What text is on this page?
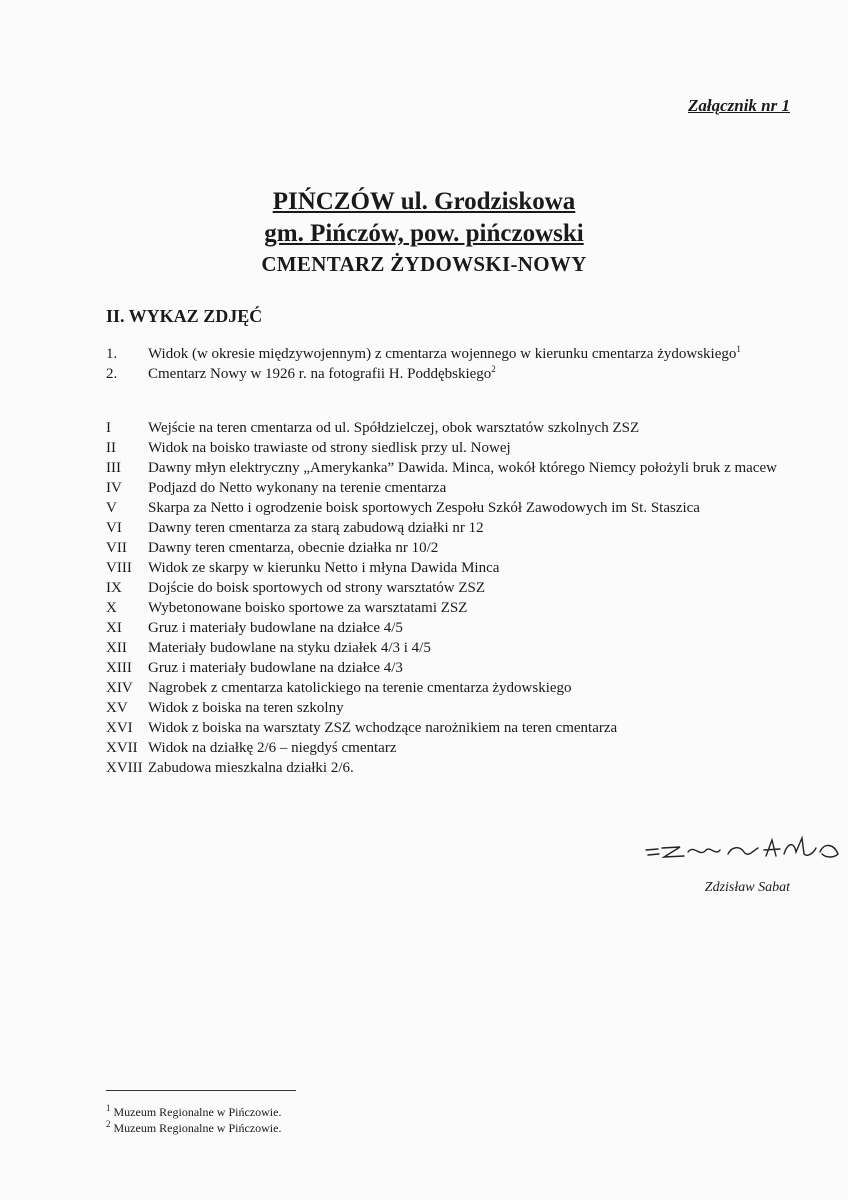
Załącznik nr 1
PIŃCZÓW ul. Grodziskowa
gm. Pińczów, pow. pińczowski
CMENTARZ ŻYDOWSKI-NOWY
II. WYKAZ ZDJĘĆ
1.	Widok (w okresie międzywojennym) z cmentarza wojennego w kierunku cmentarza żydowskiego$^1$
2.	Cmentarz Nowy w 1926 r. na fotografii H. Poddębskiego$^2$
I	Wejście na teren cmentarza od ul. Spółdzielczej, obok warsztatów szkolnych ZSZ
II	Widok na boisko trawiaste od strony siedlisk przy ul. Nowej
III	Dawny młyn elektryczny „Amerykanka” Dawida. Minca, wokół którego Niemcy położyli bruk z macew
IV	Podjazd do Netto wykonany na terenie cmentarza
V	Skarpa za Netto i ogrodzenie boisk sportowych Zespołu Szkół Zawodowych im St. Staszica
VI	Dawny teren cmentarza za starą zabudową działki nr 12
VII	Dawny teren cmentarza, obecnie działka nr 10/2
VIII	Widok ze skarpy w kierunku Netto i młyna Dawida Minca
IX	Dojście do boisk sportowych od strony warsztatów ZSZ
X	Wybetonowane boisko sportowe za warsztatami ZSZ
XI	Gruz i materiały budowlane na działce 4/5
XII	Materiały budowlane na styku działek 4/3 i 4/5
XIII	Gruz i materiały budowlane na działce 4/3
XIV	Nagrobek z cmentarza katolickiego na terenie cmentarza żydowskiego
XV	Widok z boiska na teren szkolny
XVI	Widok z boiska na warsztaty ZSZ wchodzące narożnikiem na teren cmentarza
XVII Widok na działkę 2/6 – niegdyś cmentarz
XVIII Zabudowa mieszkalna działki 2/6.
Zdzisław Sabat
$^1$ Muzeum Regionalne w Pińczowie.
$^2$ Muzeum Regionalne w Pińczowie.
